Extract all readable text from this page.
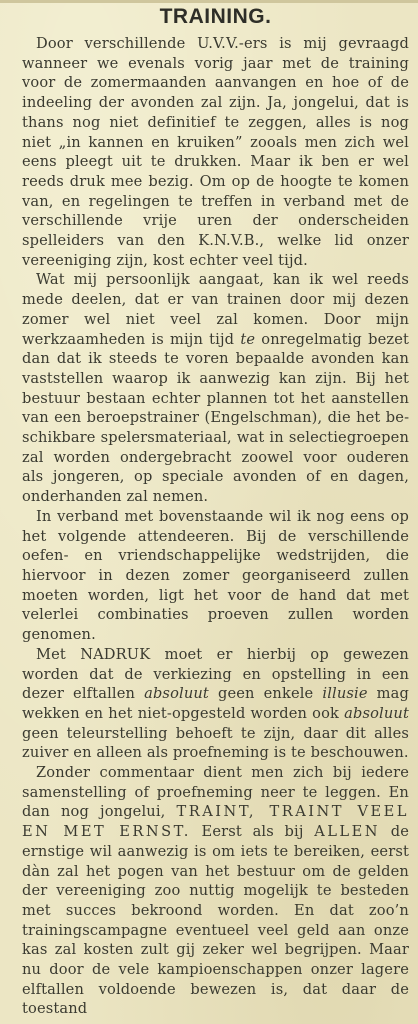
TRAINING.

Door verschillende U.V.V.-ers is mij gevraagd wanneer we evenals vorig jaar met de training voor de zomermaanden aanvangen en hoe of de indeeling der avonden zal zijn. Ja, jongelui, dat is thans nog niet definitief te zeggen, alles is nog niet „in kannen en kruiken” zooals men zich wel eens pleegt uit te drukken. Maar ik ben er wel reeds druk mee bezig. Om op de hoogte te komen van, en regelingen te treffen in verband met de verschillende vrije uren der onderscheiden spelleiders van den K.N.V.B., welke lid onzer vereeniging zijn, kost echter veel tijd.

Wat mij persoonlijk aangaat, kan ik wel reeds mede deelen, dat er van trainen door mij dezen zomer wel niet veel zal komen. Door mijn werkzaamheden is mijn tijd te onregelmatig bezet dan dat ik steeds te voren bepaalde avonden kan vaststellen waarop ik aanwezig kan zijn. Bij het bestuur bestaan echter plannen tot het aanstellen van een beroepstrainer (Engelschman), die het beschikbare spelersmateriaal, wat in selectiegroepen zal worden ondergebracht zoowel voor ouderen als jongeren, op speciale avonden of en dagen, onderhanden zal nemen.

In verband met bovenstaande wil ik nog eens op het volgende attendeeren. Bij de verschillende oefen- en vriendschappelijke wedstrijden, die hiervoor in dezen zomer georganiseerd zullen moeten worden, ligt het voor de hand dat met velerlei combinaties proeven zullen worden genomen.

Met NADRUK moet er hierbij op gewezen worden dat de verkiezing en opstelling in een dezer elftallen absoluut geen enkele illusie mag wekken en het niet-opgesteld worden ook absoluut geen teleurstelling behoeft te zijn, daar dit alles zuiver en alleen als proefneming is te beschouwen.

Zonder commentaar dient men zich bij iedere samenstelling of proefneming neer te leggen. En dan nog jongelui, TRAINT, TRAINT VEEL EN MET ERNST. Eerst als bij ALLEN de ernstige wil aanwezig is om iets te bereiken, eerst dàn zal het pogen van het bestuur om de gelden der vereeniging zoo nuttig mogelijk te besteden met succes bekroond worden. En dat zoo’n trainingscampagne eventueel veel geld aan onze kas zal kosten zult gij zeker wel begrijpen. Maar nu door de vele kampioenschappen onzer lagere elftallen voldoende bewezen is, dat daar de toestand
